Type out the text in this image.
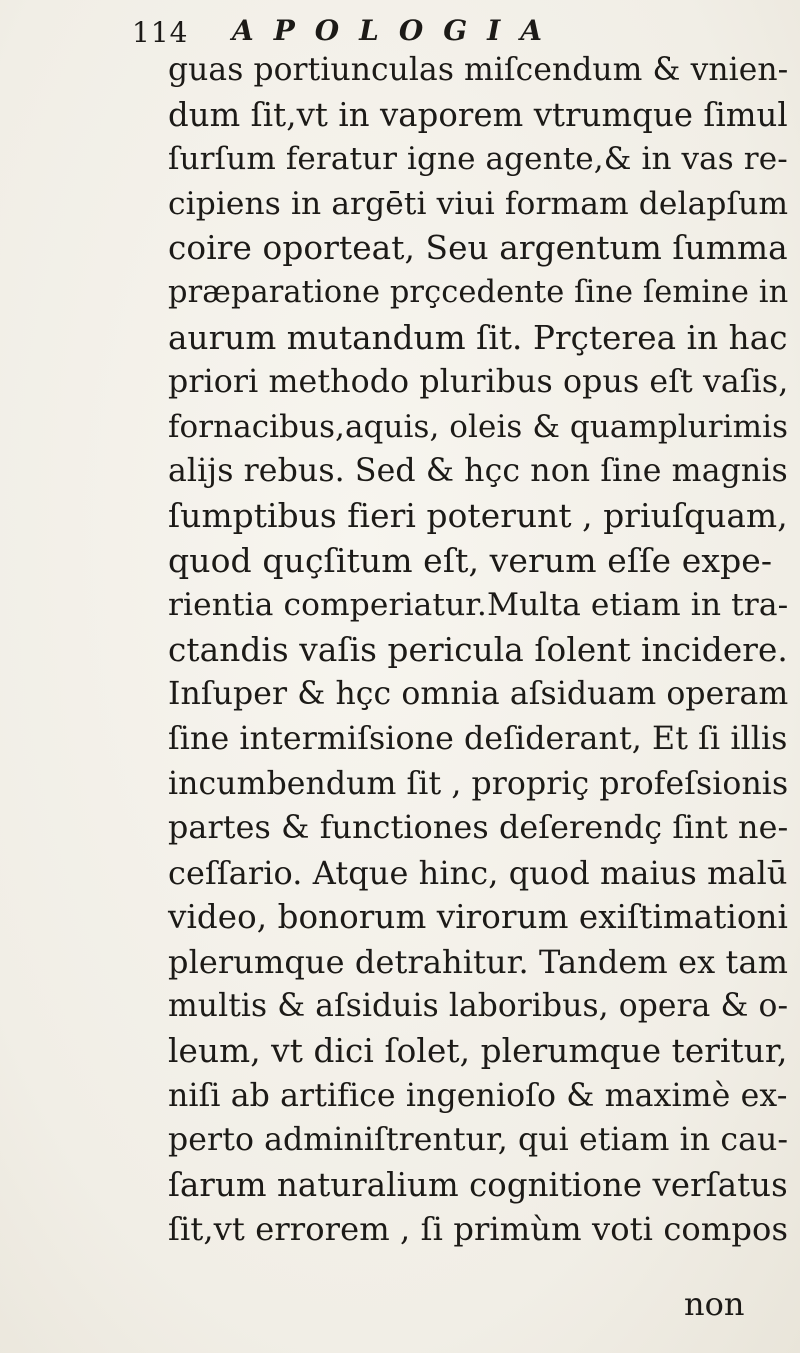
114 APOLOGIA
guas portiunculas miſcendum & vnien-
dum ſit,vt in vaporem vtrumque ſimul
ſurſum feratur igne agente,& in vas re-
cipiens in argēti viui formam delapſum
coire oporteat, Seu argentum ſumma
præparatione prçcedente ſine ſemine in
aurum mutandum ſit. Prçterea in hac
priori methodo pluribus opus eſt vaſis,
fornacibus,aquis, oleis & quamplurimis
alijs rebus. Sed & hçc non ſine magnis
ſumptibus fieri poterunt , priuſquam,
quod quçſitum eſt, verum eſſe expe-
rientia comperiatur.Multa etiam in tra-
ctandis vaſis pericula ſolent incidere.
Inſuper & hçc omnia aſsiduam operam
ſine intermiſsione deſiderant, Et ſi illis
incumbendum ſit , propriç profeſsionis
partes & functiones deſerendç ſint ne-
ceſſario. Atque hinc, quod maius malū
video, bonorum virorum exiſtimationi
plerumque detrahitur. Tandem ex tam
multis & aſsiduis laboribus, opera & o-
leum, vt dici ſolet, plerumque teritur,
niſi ab artifice ingenioſo & maximè ex-
perto adminiſtrentur, qui etiam in cau-
ſarum naturalium cognitione verſatus
ſit,vt errorem , ſi primùm voti compos
non
